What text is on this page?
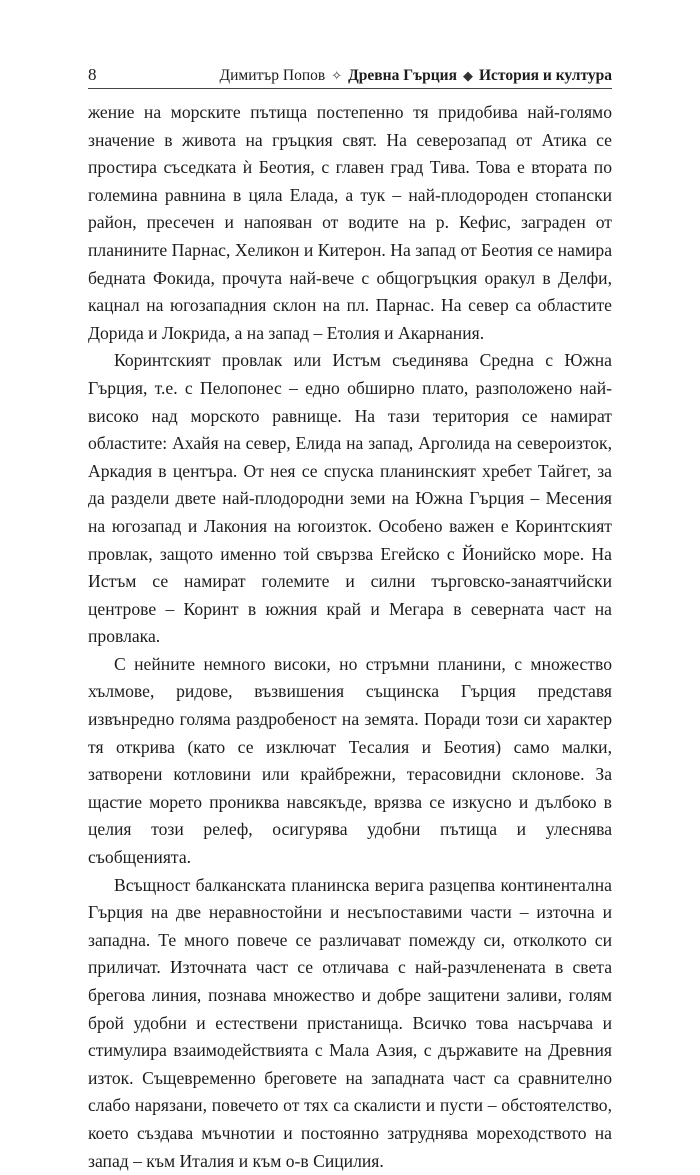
8	Димитър Попов ✧ Древна Гърция ◆ История и култура

жение на морските пътища постепенно тя придобива най-голямо значение в живота на гръцкия свят. На северозапад от Атика се простира съседката ѝ Беотия, с главен град Тива. Това е втората по големина равнина в цяла Елада, а тук – най-плодороден стопански район, пресечен и напояван от водите на р. Кефис, заграден от планините Парнас, Хеликон и Китерон. На запад от Беотия се намира бедната Фокида, прочута най-вече с общогръцкия оракул в Делфи, кацнал на югозападния склон на пл. Парнас. На север са областите Дорида и Локрида, а на запад – Етолия и Акарнания.

Коринтският провлак или Истъм съединява Средна с Южна Гърция, т.е. с Пелопонес – едно обширно плато, разположено най-високо над морското равнище. На тази територия се намират областите: Ахайя на север, Елида на запад, Арголида на североизток, Аркадия в центъра. От нея се спуска планинският хребет Тайгет, за да раздели двете най-плодородни земи на Южна Гърция – Месения на югозапад и Лакония на югоизток. Особено важен е Коринтският провлак, защото именно той свързва Егейско с Йонийско море. На Истъм се намират големите и силни търговско-занаятчийски центрове – Коринт в южния край и Мегара в северната част на провлака.

С нейните немного високи, но стръмни планини, с множество хълмове, ридове, възвишения същинска Гърция представя извънредно голяма раздробеност на земята. Поради този си характер тя открива (като се изключат Тесалия и Беотия) само малки, затворени котловини или крайбрежни, терасовидни склонове. За щастие морето прониква навсякъде, врязва се изкусно и дълбоко в целия този релеф, осигурява удобни пътища и улеснява съобщенията.

Всъщност балканската планинска верига разцепва континентална Гърция на две неравностойни и несъпоставими части – източна и западна. Те много повече се различават помежду си, отколкото си приличат. Източната част се отличава с най-разчленената в света брегова линия, познава множество и добре защитени заливи, голям брой удобни и естествени пристанища. Всичко това насърчава и стимулира взаимодействията с Мала Азия, с държавите на Древния изток. Същевременно бреговете на западната част са сравнително слабо нарязани, повечето от тях са скалисти и пусти – обстоятелство, което създава мъчнотии и постоянно затруднява мореходството на запад – към Италия и към о-в Сицилия.
